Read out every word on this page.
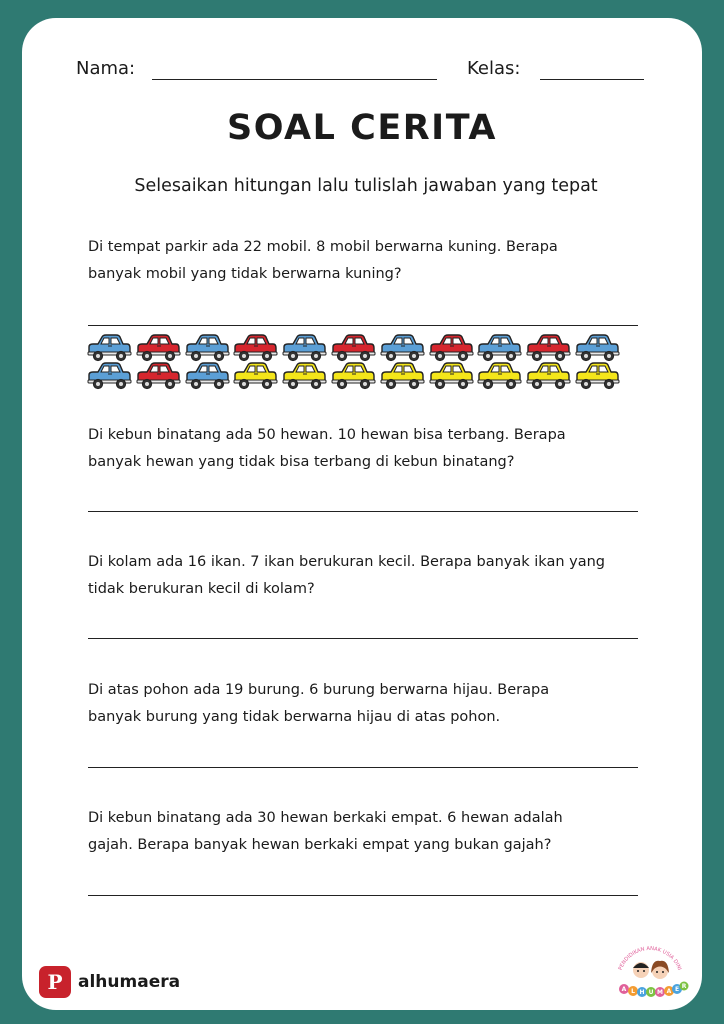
Nama:	Kelas:
SOAL CERITA
Selesaikan hitungan lalu tulislah jawaban yang tepat
Di tempat parkir ada 22 mobil. 8 mobil berwarna kuning. Berapa
banyak mobil yang tidak berwarna kuning?
Di kebun binatang ada 50 hewan. 10 hewan bisa terbang. Berapa
banyak hewan yang tidak bisa terbang di kebun binatang?
Di kolam ada 16 ikan. 7 ikan berukuran kecil. Berapa banyak ikan yang
tidak berukuran kecil di kolam?
Di atas pohon ada 19 burung. 6 burung berwarna hijau. Berapa
banyak burung yang tidak berwarna hijau di atas pohon.
Di kebun binatang ada 30 hewan berkaki empat. 6 hewan adalah
gajah. Berapa banyak hewan berkaki empat yang bukan gajah?
P alhumaera
PENDIDIKAN ANAK USIA DINI
A L H U M A E R
